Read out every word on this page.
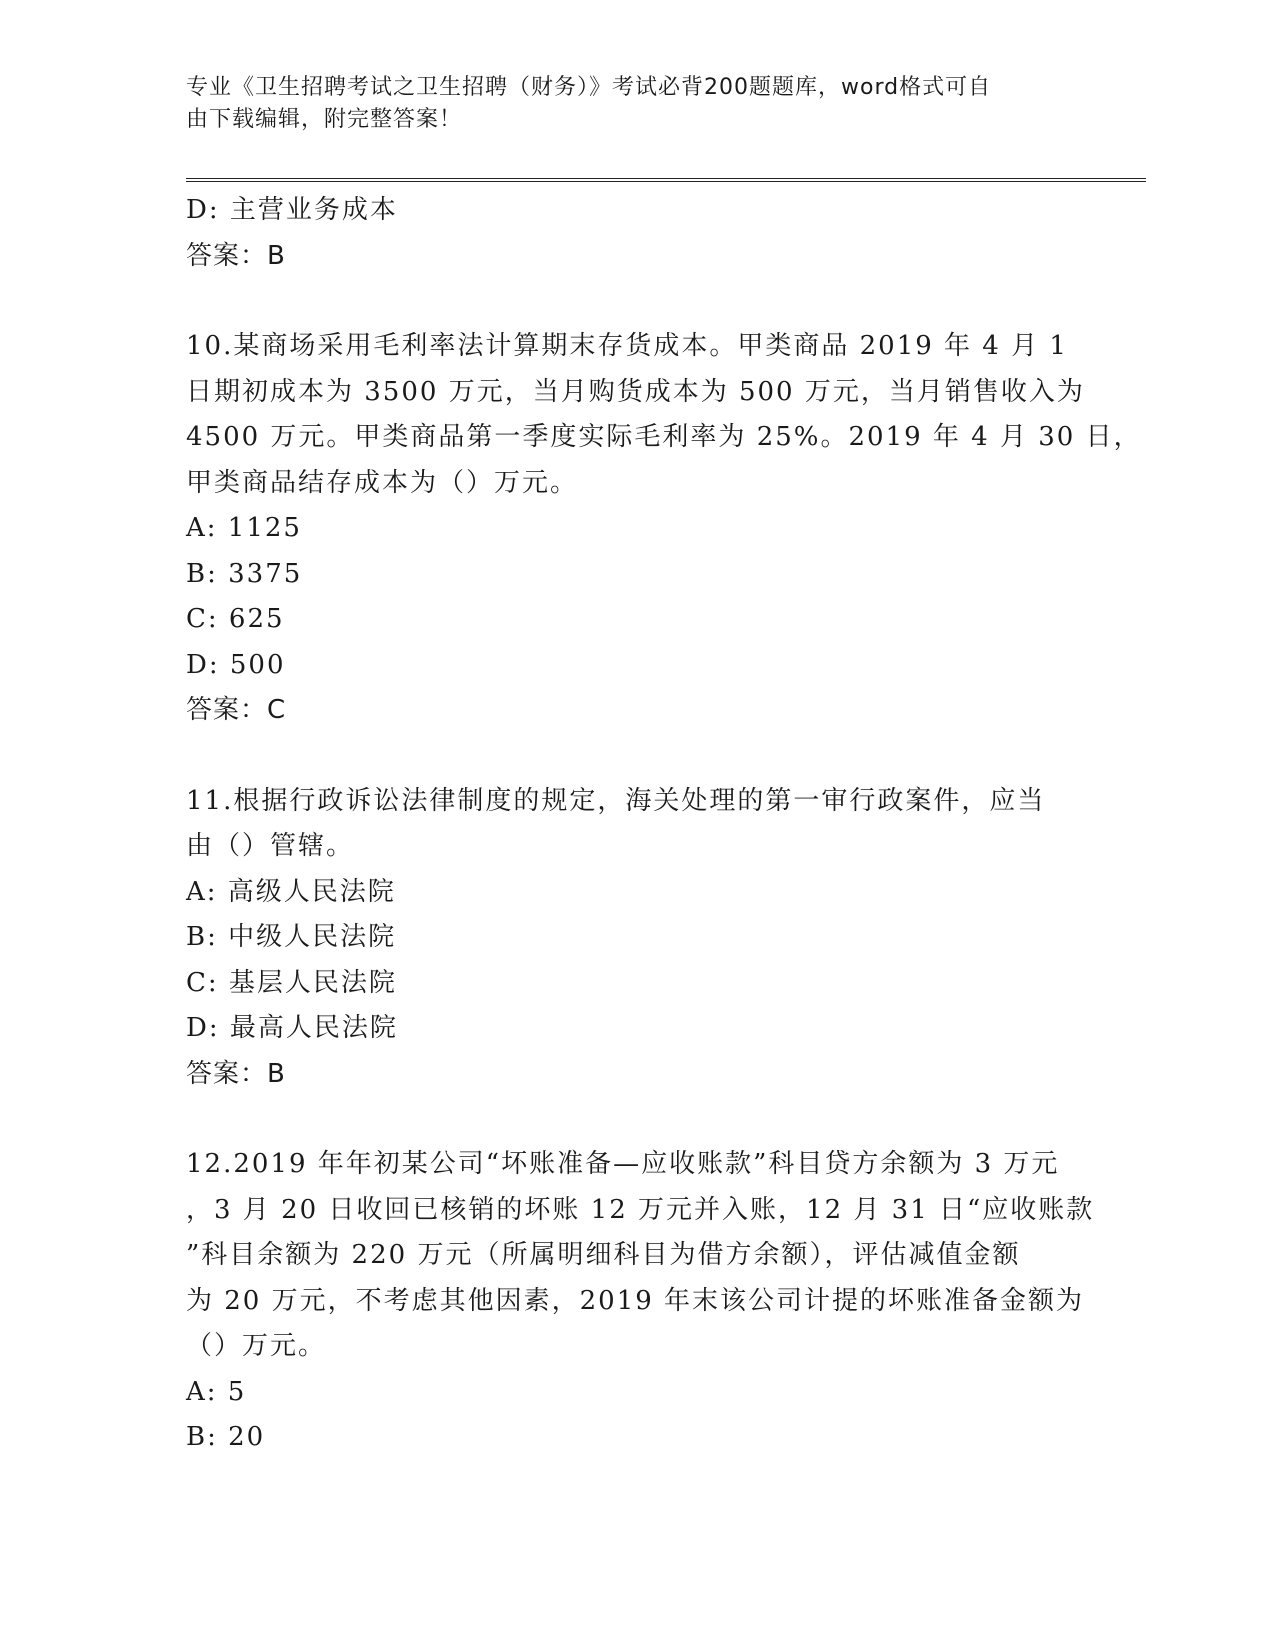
专业《卫生招聘考试之卫生招聘（财务）》考试必背200题题库，word格式可自
由下载编辑，附完整答案！
D: 主营业务成本
答案：B
10.某商场采用毛利率法计算期末存货成本。甲类商品 2019 年 4 月 1
日期初成本为 3500 万元，当月购货成本为 500 万元，当月销售收入为
4500 万元。甲类商品第一季度实际毛利率为 25%。2019 年 4 月 30 日，
甲类商品结存成本为（）万元。
A: 1125
B: 3375
C: 625
D: 500
答案：C
11.根据行政诉讼法律制度的规定，海关处理的第一审行政案件，应当
由（）管辖。
A: 高级人民法院
B: 中级人民法院
C: 基层人民法院
D: 最高人民法院
答案：B
12.2019 年年初某公司“坏账准备—应收账款”科目贷方余额为 3 万元
，3 月 20 日收回已核销的坏账 12 万元并入账，12 月 31 日“应收账款
”科目余额为 220 万元（所属明细科目为借方余额），评估减值金额
为 20 万元，不考虑其他因素，2019 年末该公司计提的坏账准备金额为
（）万元。
A: 5
B: 20
